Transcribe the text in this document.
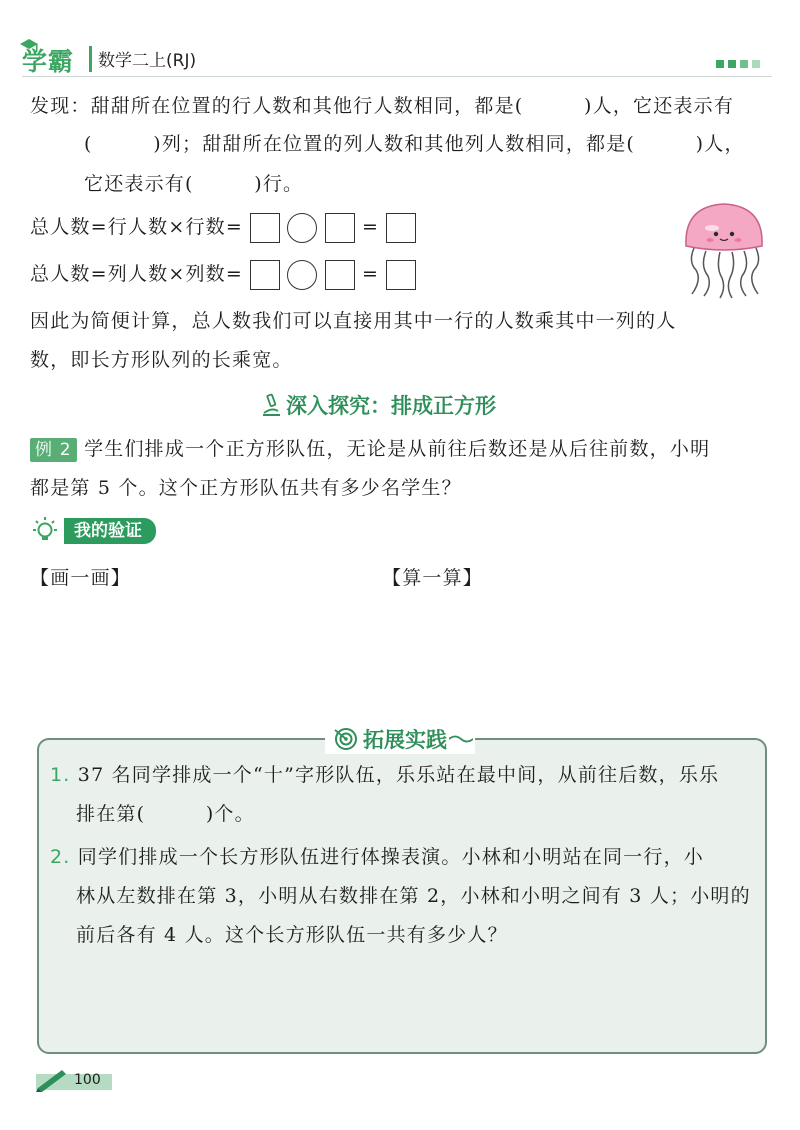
学霸 数学二上(RJ)
发现：甜甜所在位置的行人数和其他行人数相同，都是(　　　)人，它还表示有
(　　　)列；甜甜所在位置的列人数和其他列人数相同，都是(　　　)人，
它还表示有(　　　)行。
总人数=行人数×行数=	=
总人数=列人数×列数=	=
因此为简便计算，总人数我们可以直接用其中一行的人数乘其中一列的人
数，即长方形队列的长乘宽。
深入探究：排成正方形
例 2 学生们排成一个正方形队伍，无论是从前往后数还是从后往前数，小明
都是第 5 个。这个正方形队伍共有多少名学生？
我的验证
【画一画】	【算一算】
拓展实践
1. 37 名同学排成一个“十”字形队伍，乐乐站在最中间，从前往后数，乐乐
排在第(　　　)个。
2. 同学们排成一个长方形队伍进行体操表演。小林和小明站在同一行，小
林从左数排在第 3，小明从右数排在第 2，小林和小明之间有 3 人；小明的
前后各有 4 人。这个长方形队伍一共有多少人？
100
